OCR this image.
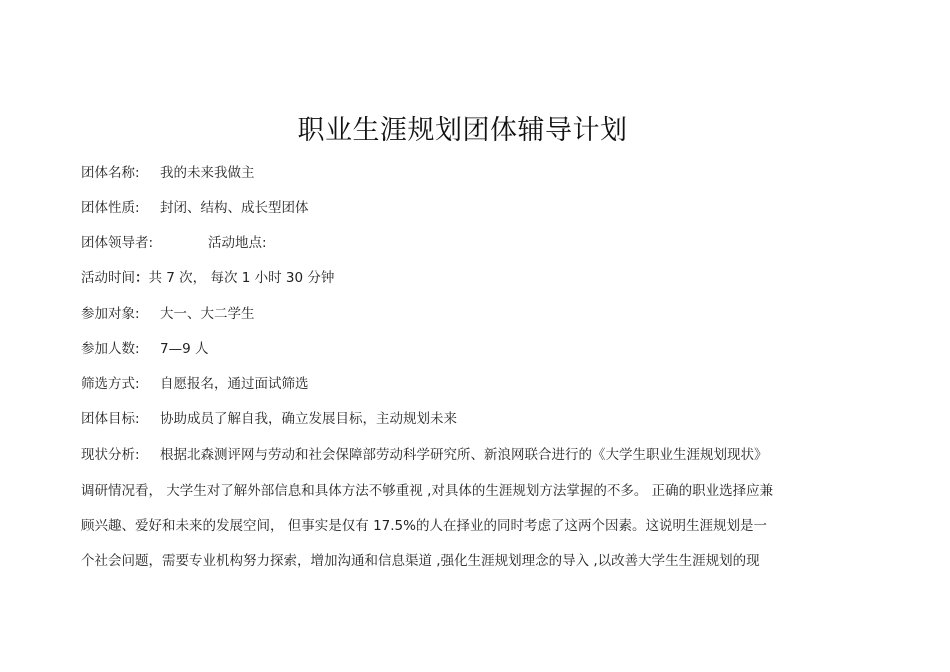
职业生涯规划团体辅导计划
团体名称: 我的未来我做主
团体性质: 封闭、结构、成长型团体
团体领导者:	活动地点:
活动时间：共 7 次， 每次 1 小时 30 分钟
参加对象: 大一、大二学生
参加人数: 7—9 人
筛选方式: 自愿报名，通过面试筛选
团体目标: 协助成员了解自我，确立发展目标，主动规划未来
现状分析: 根据北森测评网与劳动和社会保障部劳动科学研究所、新浪网联合进行的《大学生职业生涯规划现状》
调研情况看， 大学生对了解外部信息和具体方法不够重视 ,对具体的生涯规划方法掌握的不多。 正确的职业选择应兼
顾兴趣、爱好和未来的发展空间， 但事实是仅有 17.5%的人在择业的同时考虑了这两个因素。这说明生涯规划是一
个社会问题，需要专业机构努力探索，增加沟通和信息渠道 ,强化生涯规划理念的导入 ,以改善大学生生涯规划的现
